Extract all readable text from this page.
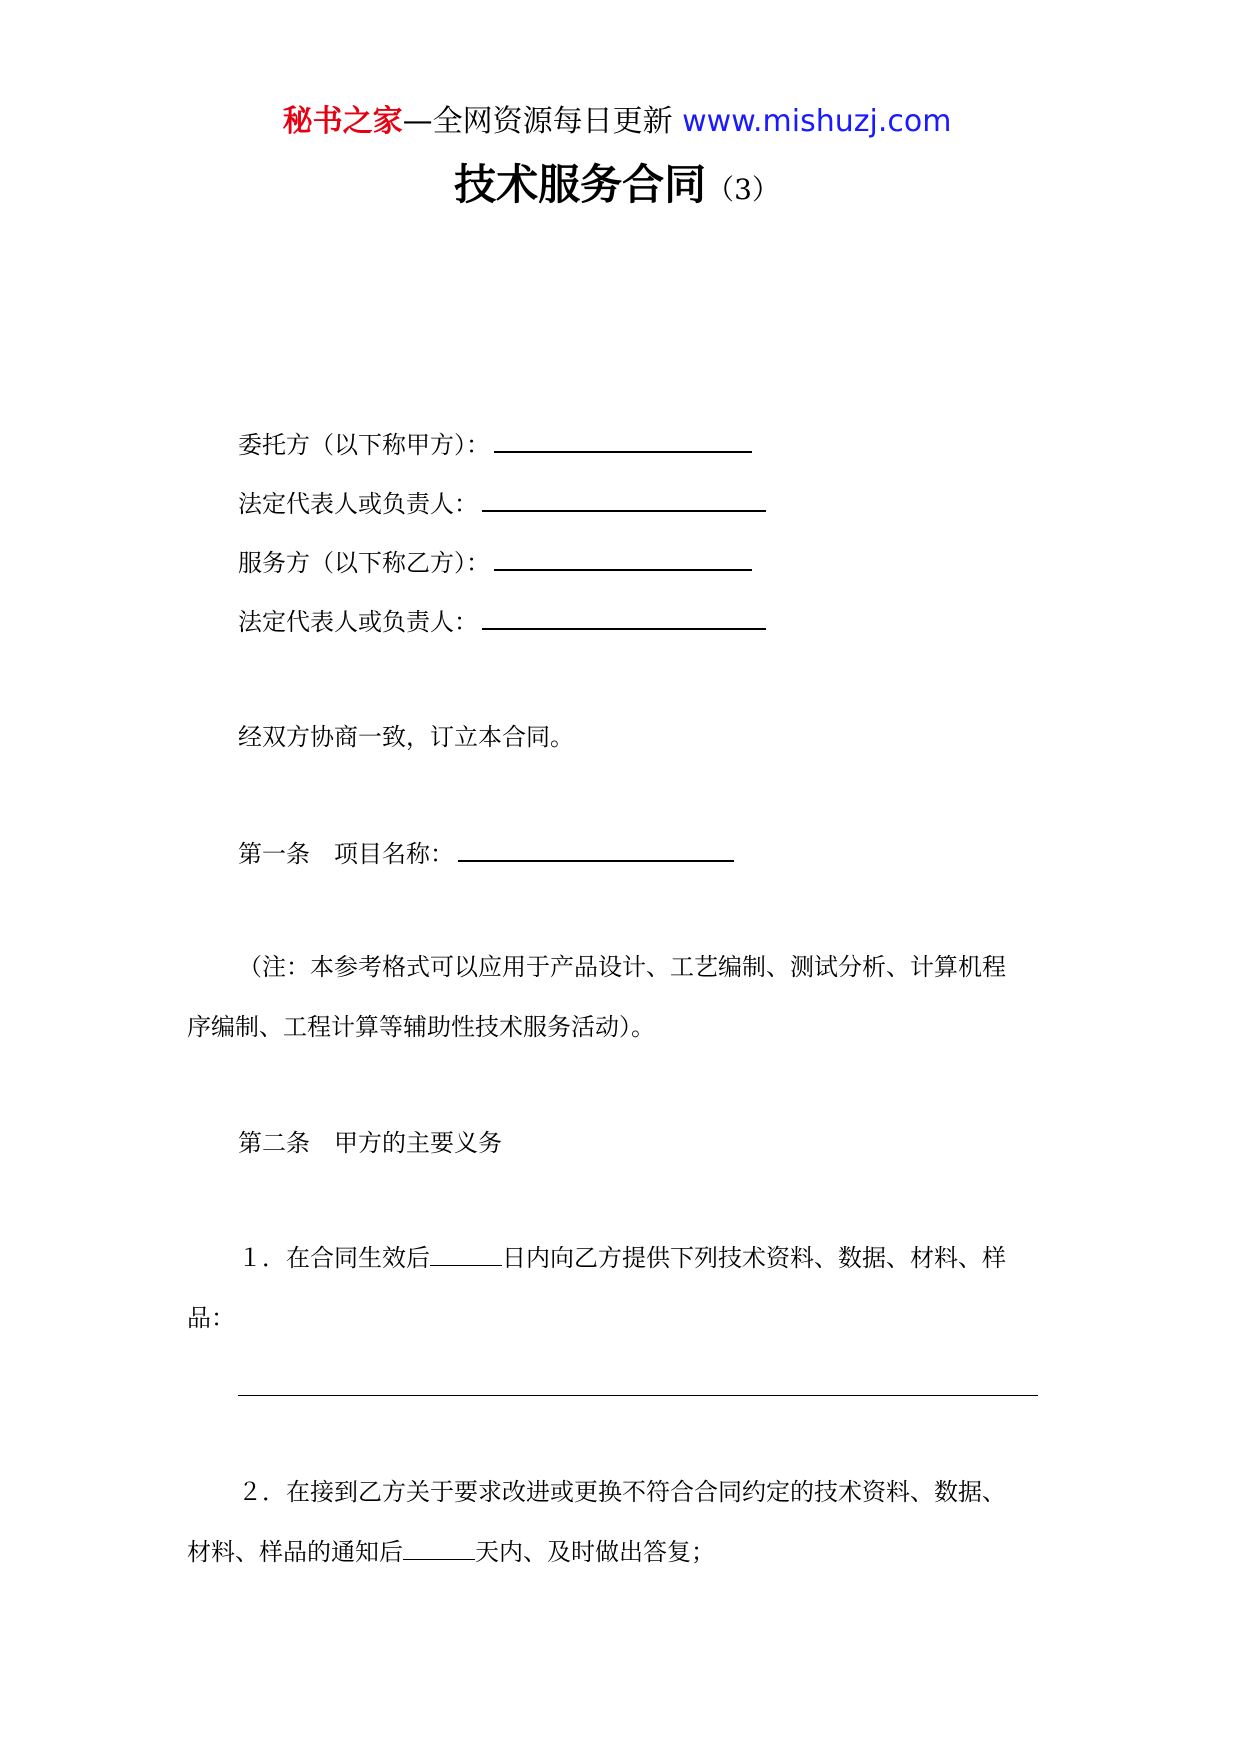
秘书之家—全网资源每日更新 www.mishuzj.com
技术服务合同（3）
委托方（以下称甲方）：
法定代表人或负责人：
服务方（以下称乙方）：
法定代表人或负责人：
经双方协商一致，订立本合同。
第一条　项目名称：
（注：本参考格式可以应用于产品设计、工艺编制、测试分析、计算机程
序编制、工程计算等辅助性技术服务活动）。
第二条　甲方的主要义务
１．在合同生效后	日内向乙方提供下列技术资料、数据、材料、样
品：
２．在接到乙方关于要求改进或更换不符合合同约定的技术资料、数据、
材料、样品的通知后	天内、及时做出答复；
